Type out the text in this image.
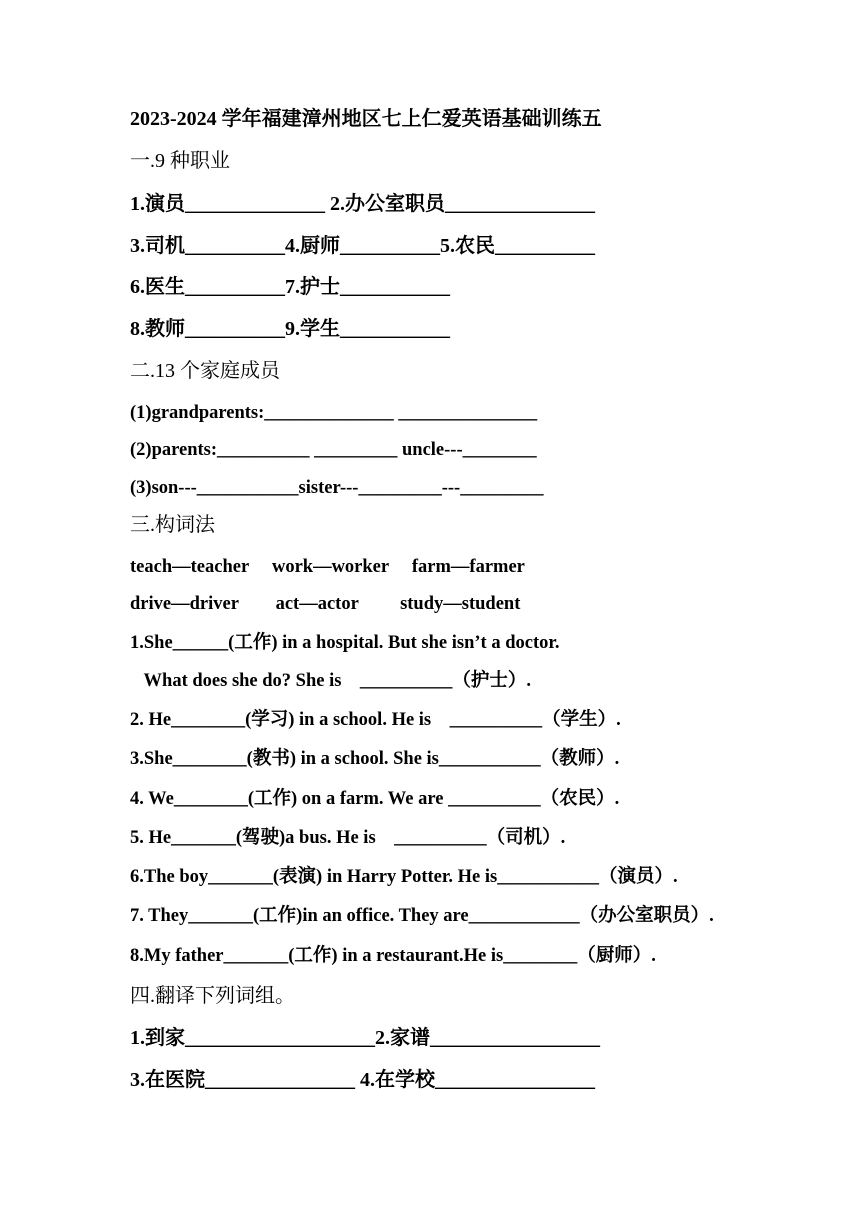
2023-2024 学年福建漳州地区七上仁爱英语基础训练五
一.9 种职业
1.演员______________ 2.办公室职员_______________
3.司机__________4.厨师__________5.农民__________
6.医生__________7.护士___________
8.教师__________9.学生___________
二.13 个家庭成员
(1)grandparents:______________ _______________
(2)parents:__________ _________ uncle---________
(3)son---___________sister---_________---_________
三.构词法
teach—teacher     work—worker     farm—farmer
drive—driver        act—actor         study—student
1.She______(工作) in a hospital. But she isn’t a doctor.
What does she do? She is    __________（护士）.
2. He________(学习) in a school. He is    __________（学生）.
3.She________(教书) in a school. She is___________（教师）.
4. We________(工作) on a farm. We are __________（农民）.
5. He_______(驾驶)a bus. He is    __________（司机）.
6.The boy_______(表演) in Harry Potter. He is___________（演员）.
7. They_______(工作)in an office. They are____________（办公室职员）.
8.My father_______(工作) in a restaurant.He is________（厨师）.
四.翻译下列词组。
1.到家___________________2.家谱_________________
3.在医院_______________ 4.在学校________________
